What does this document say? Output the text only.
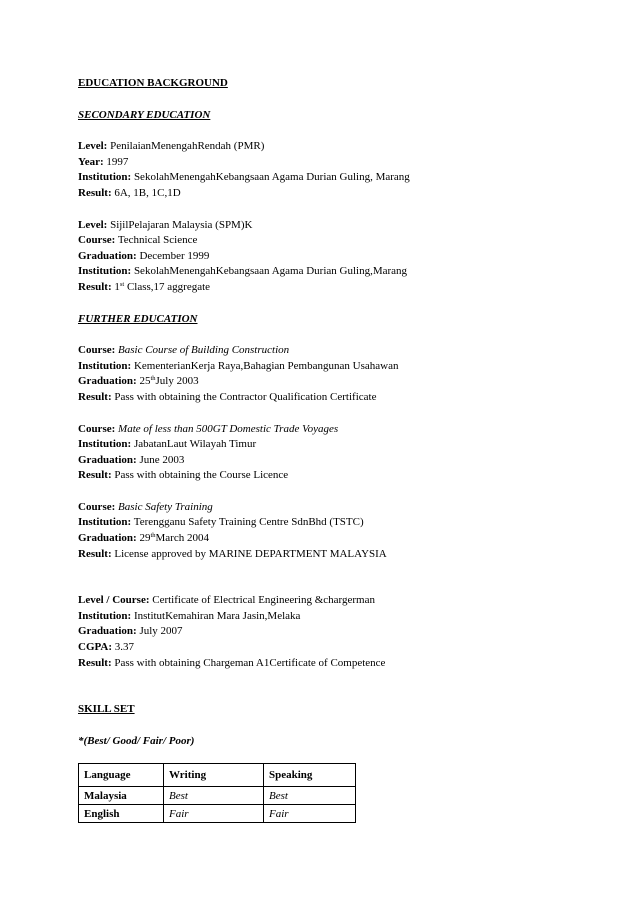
EDUCATION BACKGROUND
SECONDARY EDUCATION
Level: PenilaianMenengahRendah (PMR)
Year: 1997
Institution: SekolahMenengahKebangsaan Agama Durian Guling, Marang
Result: 6A, 1B, 1C,1D
Level: SijilPelajaran Malaysia (SPM)K
Course: Technical Science
Graduation: December 1999
Institution: SekolahMenengahKebangsaan Agama Durian Guling,Marang
Result: 1st Class,17 aggregate
FURTHER EDUCATION
Course: Basic Course of Building Construction
Institution: KementerianKerja Raya,Bahagian Pembangunan Usahawan
Graduation: 25thJuly 2003
Result: Pass with obtaining the Contractor Qualification Certificate
Course: Mate of less than 500GT Domestic Trade Voyages
Institution: JabatanLaut Wilayah Timur
Graduation: June 2003
Result: Pass with obtaining the Course Licence
Course: Basic Safety Training
Institution: Terengganu Safety Training Centre SdnBhd (TSTC)
Graduation: 29thMarch 2004
Result: License approved by MARINE DEPARTMENT MALAYSIA
Level / Course: Certificate of Electrical Engineering &chargerman
Institution: InstitutKemahiran Mara Jasin,Melaka
Graduation: July 2007
CGPA: 3.37
Result: Pass with obtaining Chargeman A1Certificate of Competence
SKILL SET
*(Best/ Good/ Fair/ Poor)
Language	Writing	Speaking
Malaysia	Best	Best
English	Fair	Fair
